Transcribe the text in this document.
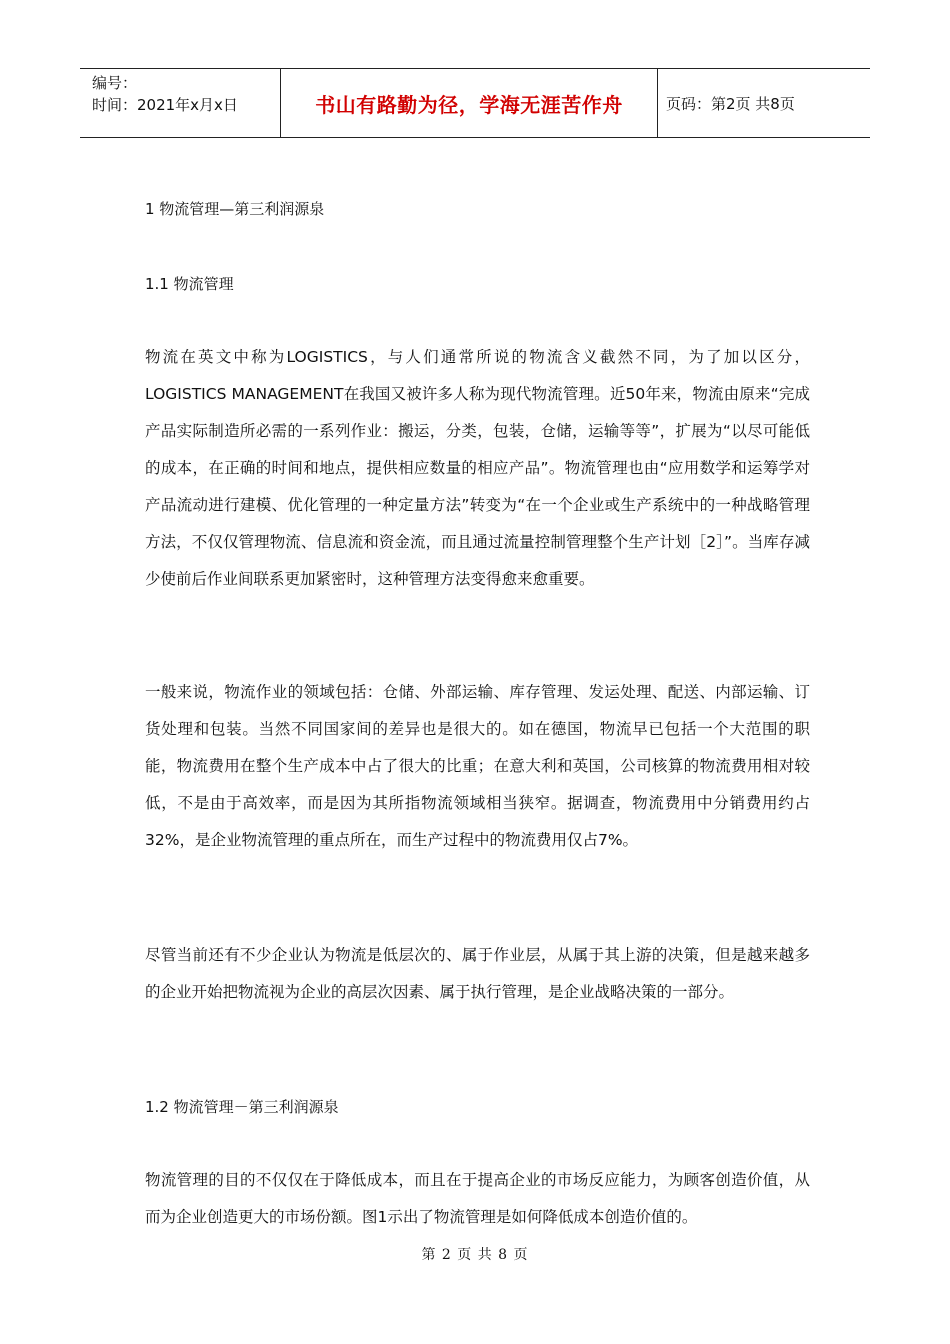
编号：
时间：2021年x月x日	书山有路勤为径，学海无涯苦作舟	页码：第2页 共8页
1 物流管理—第三利润源泉
1.1 物流管理
物流在英文中称为LOGISTICS，与人们通常所说的物流含义截然不同，为了加以区分，LOGISTICS MANAGEMENT在我国又被许多人称为现代物流管理。近50年来，物流由原来“完成产品实际制造所必需的一系列作业：搬运，分类，包装，仓储，运输等等”，扩展为“以尽可能低的成本，在正确的时间和地点，提供相应数量的相应产品”。物流管理也由“应用数学和运筹学对产品流动进行建模、优化管理的一种定量方法”转变为“在一个企业或生产系统中的一种战略管理方法，不仅仅管理物流、信息流和资金流，而且通过流量控制管理整个生产计划［2］”。当库存减少使前后作业间联系更加紧密时，这种管理方法变得愈来愈重要。
一般来说，物流作业的领域包括：仓储、外部运输、库存管理、发运处理、配送、内部运输、订货处理和包装。当然不同国家间的差异也是很大的。如在德国，物流早已包括一个大范围的职能，物流费用在整个生产成本中占了很大的比重；在意大利和英国，公司核算的物流费用相对较低，不是由于高效率，而是因为其所指物流领域相当狭窄。据调查，物流费用中分销费用约占32%，是企业物流管理的重点所在，而生产过程中的物流费用仅占7%。
尽管当前还有不少企业认为物流是低层次的、属于作业层，从属于其上游的决策，但是越来越多的企业开始把物流视为企业的高层次因素、属于执行管理，是企业战略决策的一部分。
1.2 物流管理－第三利润源泉
物流管理的目的不仅仅在于降低成本，而且在于提高企业的市场反应能力，为顾客创造价值，从而为企业创造更大的市场份额。图1示出了物流管理是如何降低成本创造价值的。
第 2 页 共 8 页
